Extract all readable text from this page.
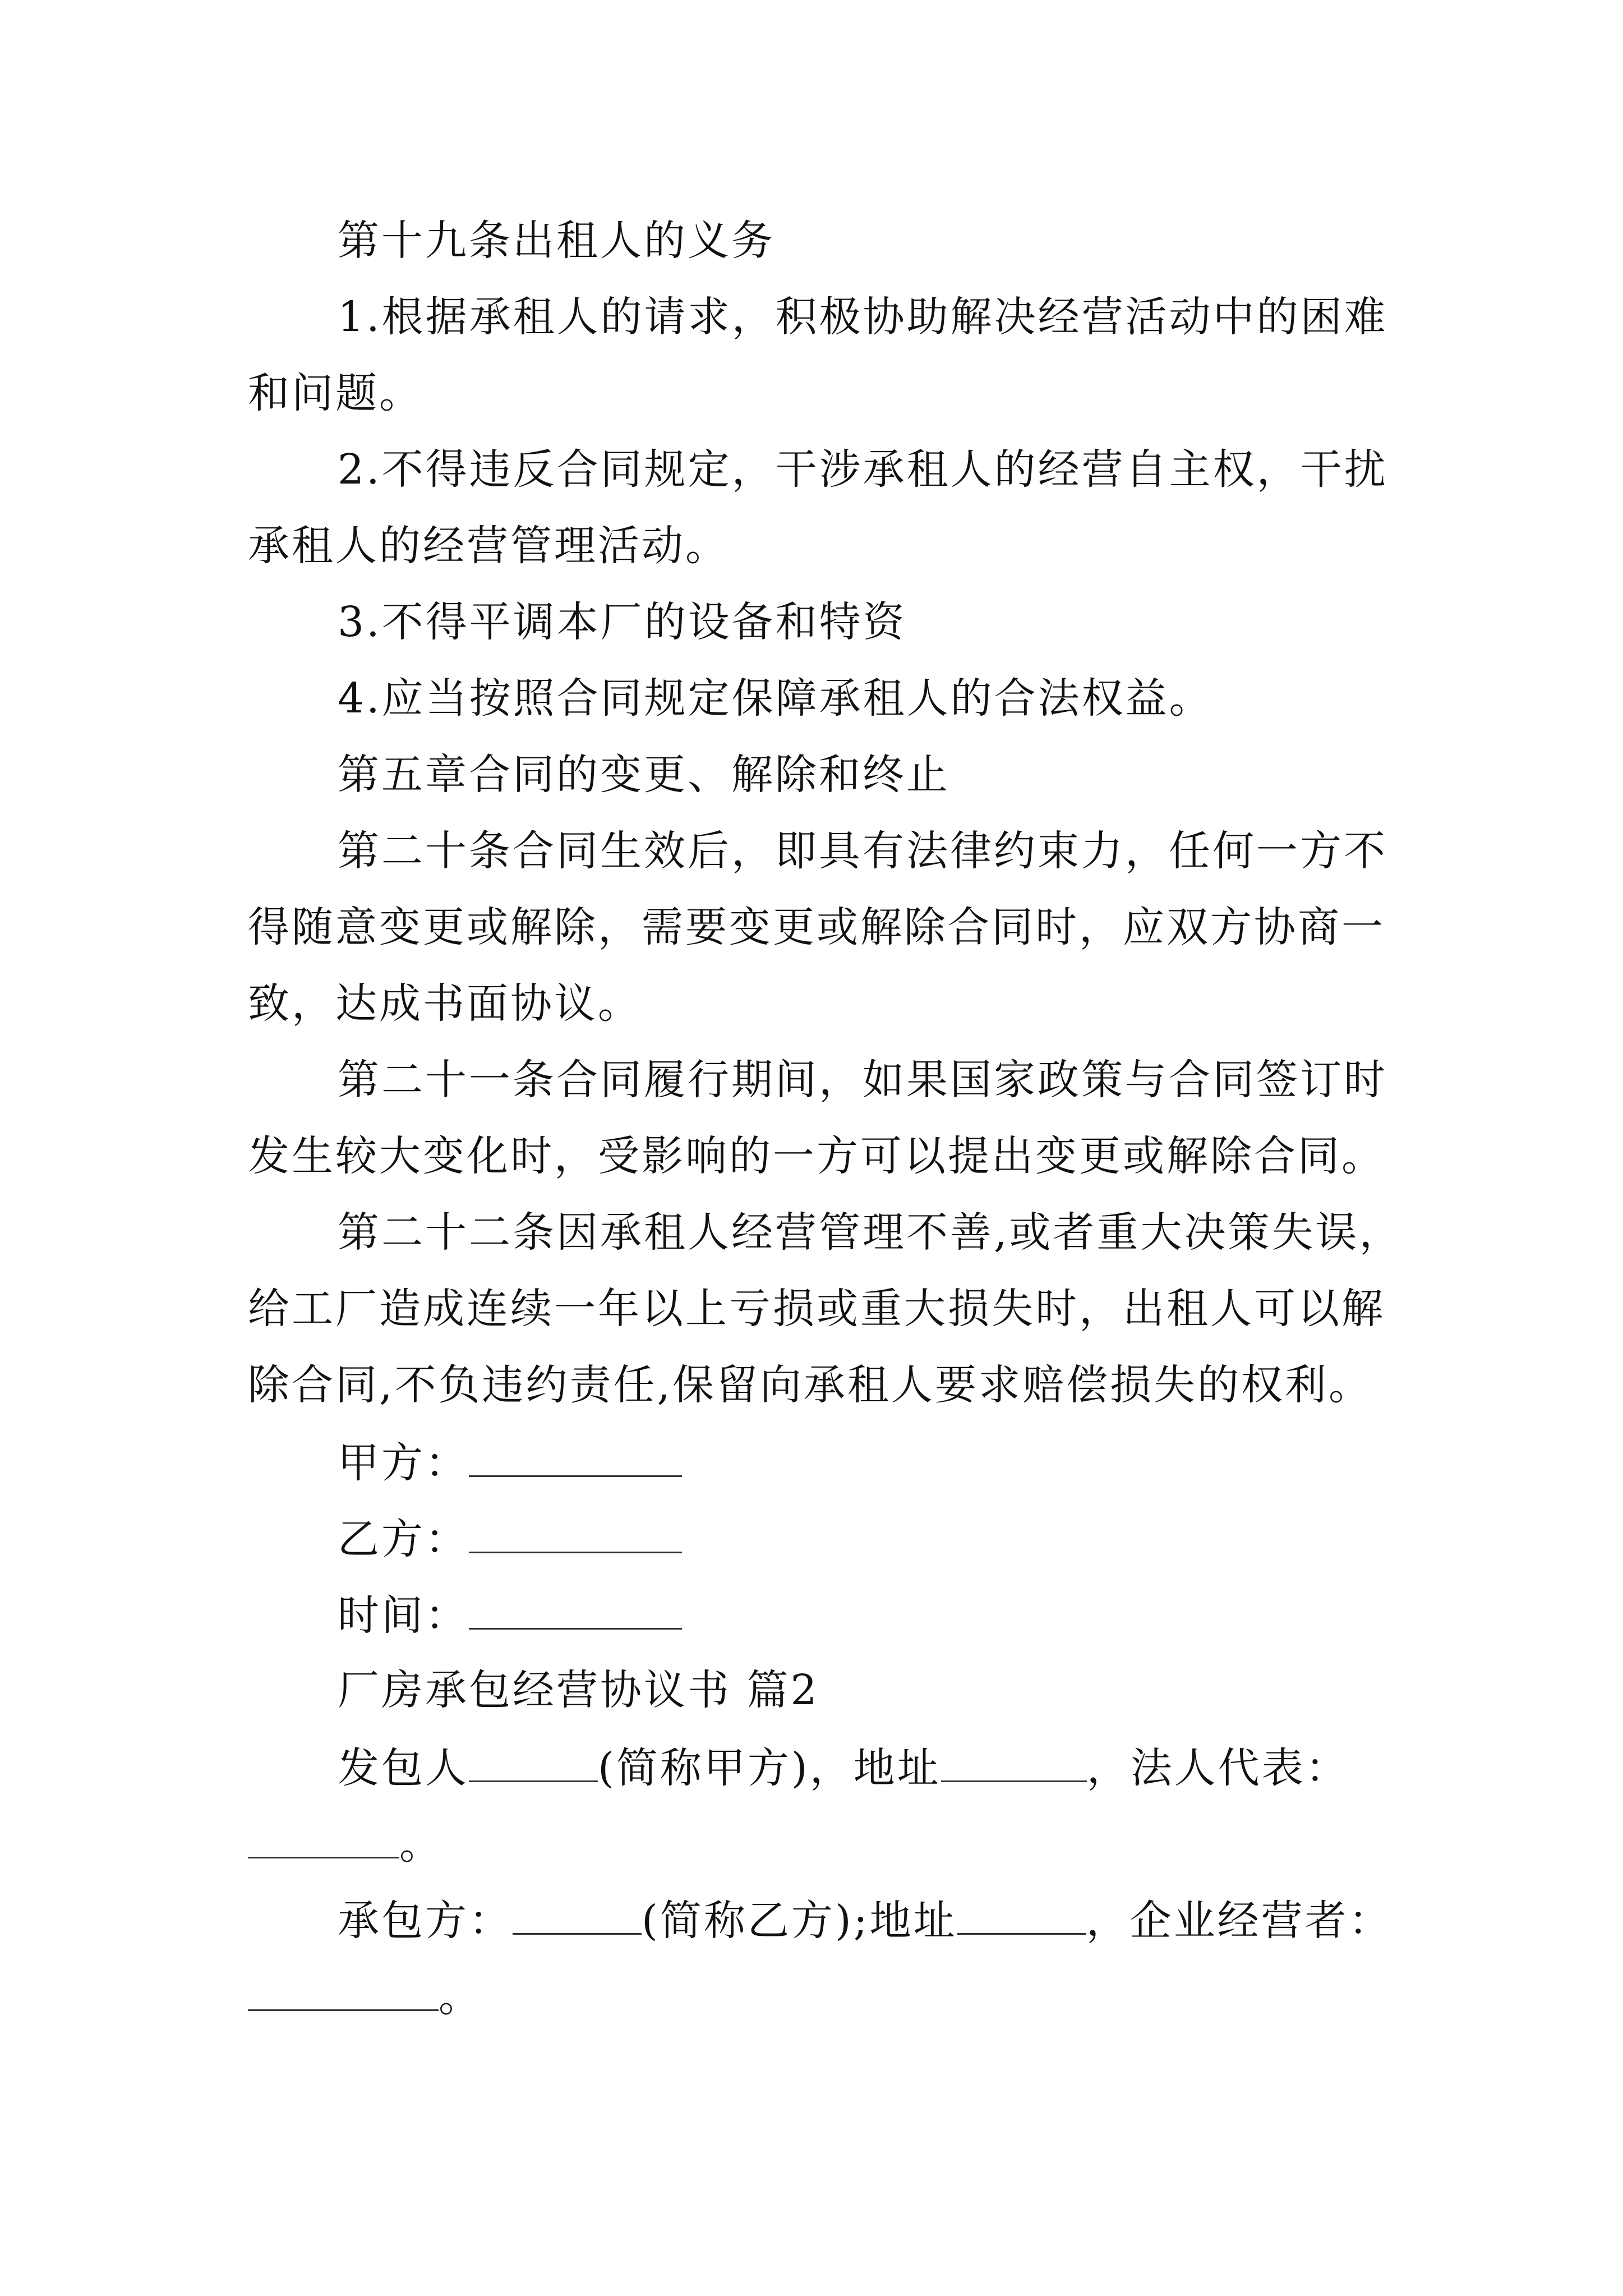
第十九条出租人的义务
1.根据承租人的请求，积极协助解决经营活动中的困难
和问题。
2.不得违反合同规定，干涉承租人的经营自主权，干扰
承租人的经营管理活动。
3.不得平调本厂的设备和特资
4.应当按照合同规定保障承租人的合法权益。
第五章合同的变更、解除和终止
第二十条合同生效后，即具有法律约束力，任何一方不
得随意变更或解除，需要变更或解除合同时，应双方协商一
致，达成书面协议。
第二十一条合同履行期间，如果国家政策与合同签订时
发生较大变化时，受影响的一方可以提出变更或解除合同。
第二十二条因承租人经营管理不善,或者重大决策失误，
给工厂造成连续一年以上亏损或重大损失时，出租人可以解
除合同,不负违约责任,保留向承租人要求赔偿损失的权利。
甲方：
乙方：
时间：
厂房承包经营协议书 篇2
发包人	(简称甲方)，地址	，法人代表：
。
承包方：	(简称乙方);地址	，企业经营者：
。
